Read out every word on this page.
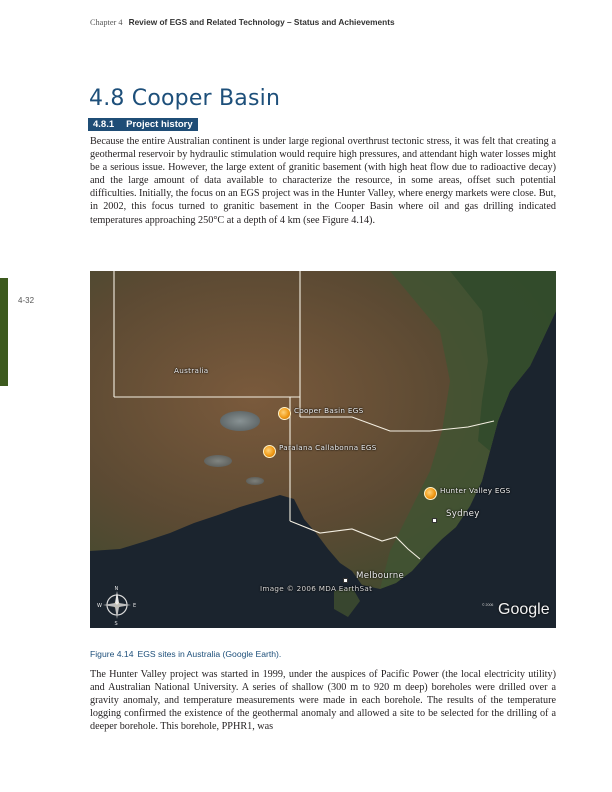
Chapter 4 Review of EGS and Related Technology – Status and Achievements
4.8 Cooper Basin
4.8.1 Project history

Because the entire Australian continent is under large regional overthrust tectonic stress, it was felt that creating a geothermal reservoir by hydraulic stimulation would require high pressures, and attendant high water losses might be a serious issue. However, the large extent of granitic basement (with high heat flow due to radioactive decay) and the large amount of data available to characterize the resource, in some areas, offset such potential difficulties. Initially, the focus on an EGS project was in the Hunter Valley, where energy markets were close. But, in 2002, this focus turned to granitic basement in the Cooper Basin where oil and gas drilling indicated temperatures approaching 250°C at a depth of 4 km (see Figure 4.14).

4-32
Australia
Cooper Basin EGS
Paralana Callabonna EGS
Hunter Valley EGS
Sydney
Melbourne
Image © 2006 MDA EarthSat
N
W	E
S
© 2006 Google
Figure 4.14 EGS sites in Australia (Google Earth).

The Hunter Valley project was started in 1999, under the auspices of Pacific Power (the local electricity utility) and Australian National University. A series of shallow (300 m to 920 m deep) boreholes were drilled over a gravity anomaly, and temperature measurements were made in each borehole. The results of the temperature logging confirmed the existence of the geothermal anomaly and allowed a site to be selected for the drilling of a deeper borehole. This borehole, PPHR1, was
